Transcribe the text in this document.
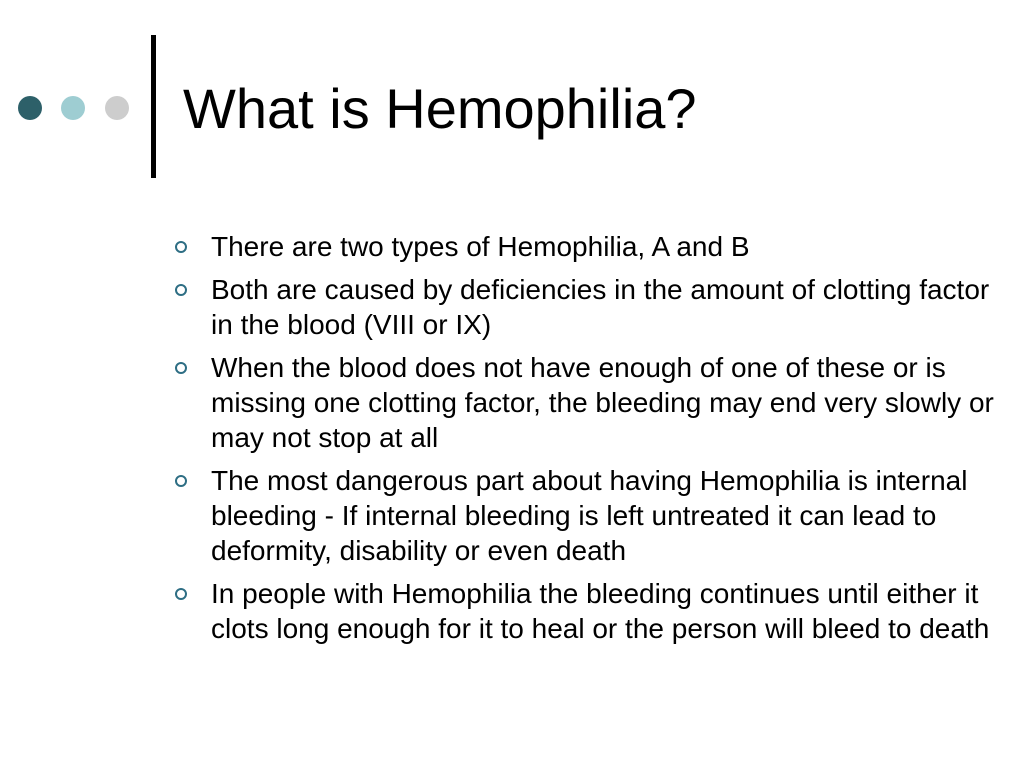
What is Hemophilia?
There are two types of Hemophilia, A and B
Both are caused by deficiencies in the amount of clotting factor in the blood (VIII or IX)
When the blood does not have enough of one of these or is missing one clotting factor, the bleeding may end very slowly or may not stop at all
The most dangerous part about having Hemophilia is internal bleeding - If internal bleeding is left untreated it can lead to deformity, disability or even death
In people with Hemophilia the bleeding continues until either it clots long enough for it to heal or the person will bleed to death
